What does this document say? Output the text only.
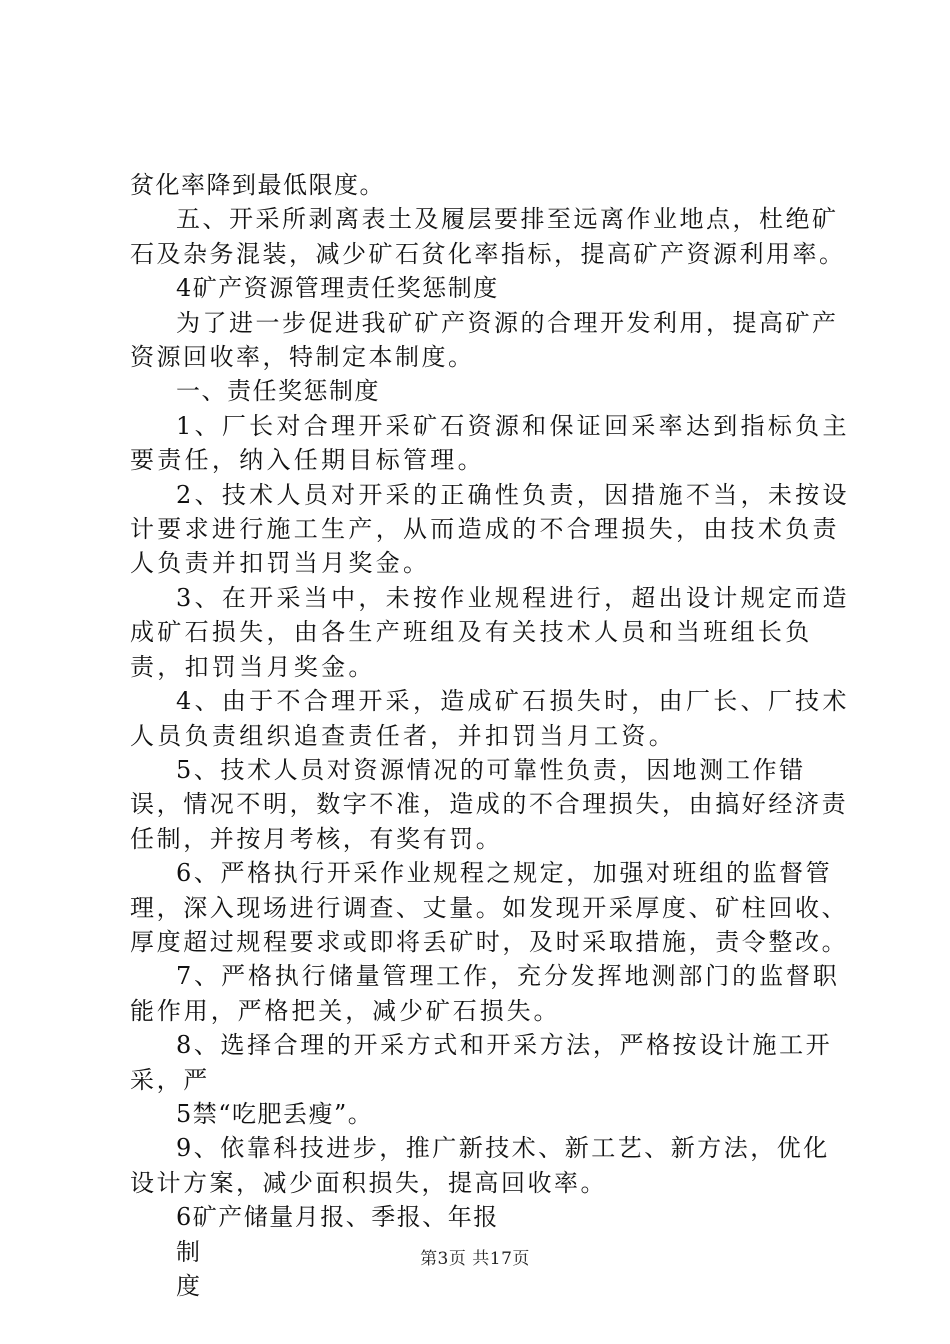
贫化率降到最低限度。

五、开采所剥离表土及履层要排至远离作业地点，杜绝矿石及杂务混装，减少矿石贫化率指标，提高矿产资源利用率。

4矿产资源管理责任奖惩制度

为了进一步促进我矿矿产资源的合理开发利用，提高矿产资源回收率，特制定本制度。

一、责任奖惩制度

1、厂长对合理开采矿石资源和保证回采率达到指标负主要责任，纳入任期目标管理。

2、技术人员对开采的正确性负责，因措施不当，未按设计要求进行施工生产，从而造成的不合理损失，由技术负责人负责并扣罚当月奖金。

3、在开采当中，未按作业规程进行，超出设计规定而造成矿石损失，由各生产班组及有关技术人员和当班组长负责，扣罚当月奖金。

4、由于不合理开采，造成矿石损失时，由厂长、厂技术人员负责组织追查责任者，并扣罚当月工资。

5、技术人员对资源情况的可靠性负责，因地测工作错误，情况不明，数字不准，造成的不合理损失，由搞好经济责任制，并按月考核，有奖有罚。

6、严格执行开采作业规程之规定，加强对班组的监督管理，深入现场进行调查、丈量。如发现开采厚度、矿柱回收、厚度超过规程要求或即将丢矿时，及时采取措施，责令整改。

7、严格执行储量管理工作，充分发挥地测部门的监督职能作用，严格把关，减少矿石损失。

8、选择合理的开采方式和开采方法，严格按设计施工开采，严

5禁“吃肥丢瘦”。

9、依靠科技进步，推广新技术、新工艺、新方法，优化设计方案，减少面积损失，提高回收率。

6矿产储量月报、季报、年报

制

度

第3页 共17页
